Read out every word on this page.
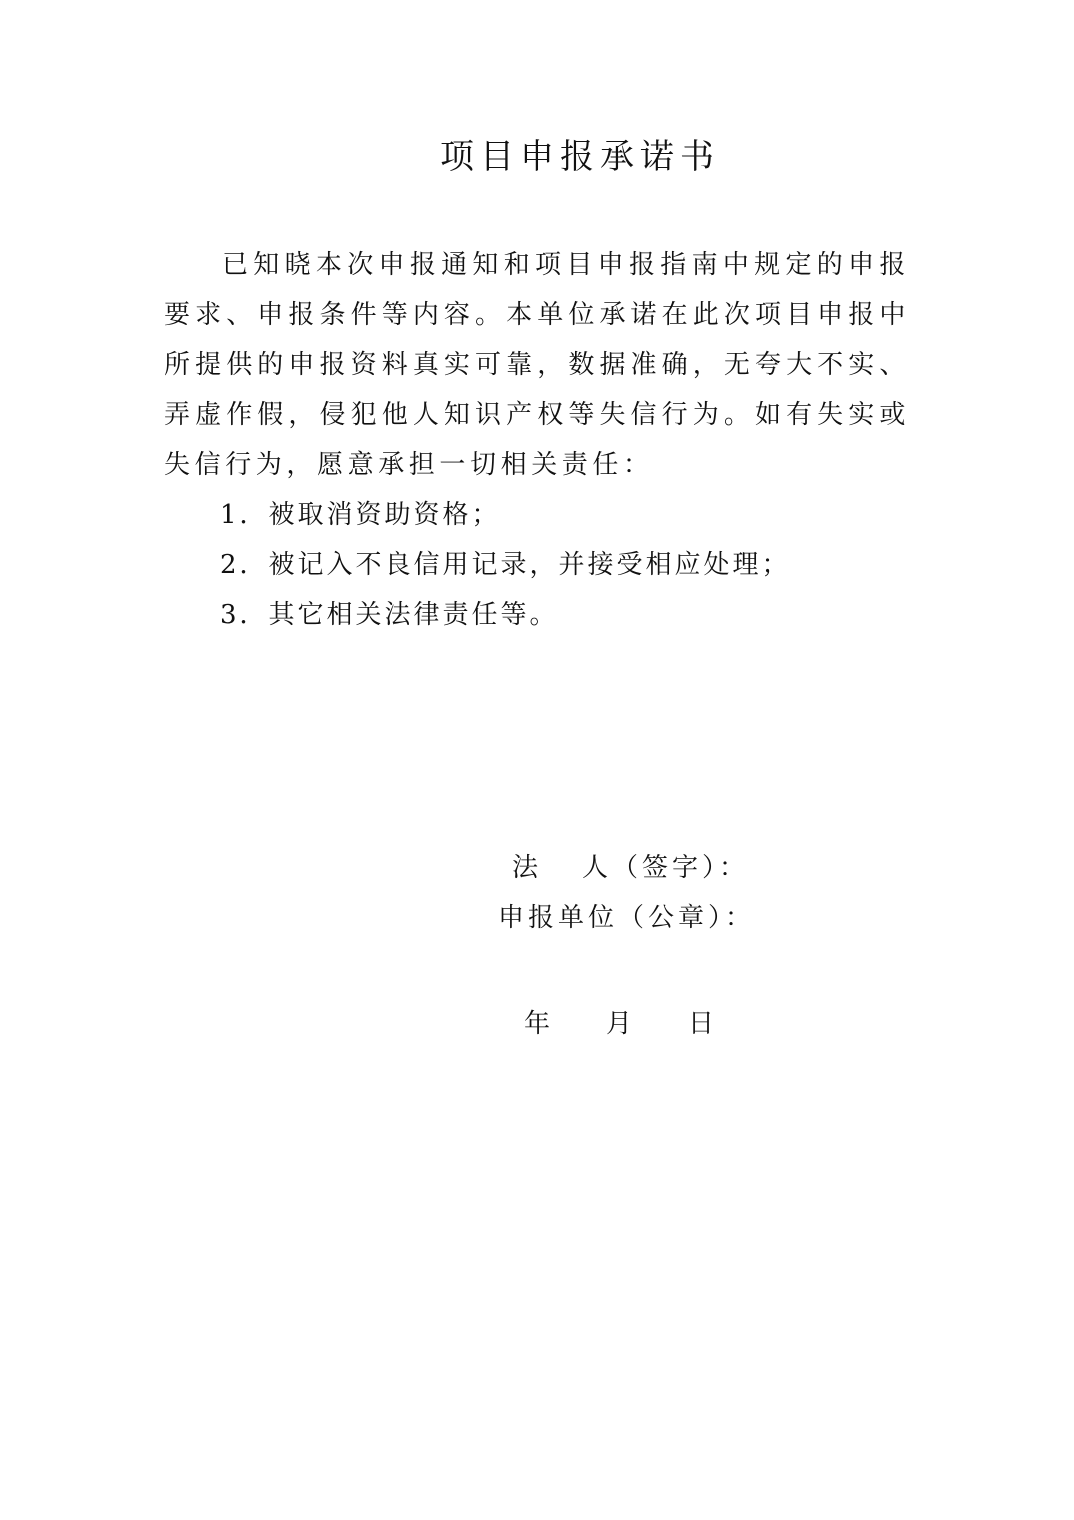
项目申报承诺书

已知晓本次申报通知和项目申报指南中规定的申报要求、申报条件等内容。本单位承诺在此次项目申报中所提供的申报资料真实可靠，数据准确，无夸大不实、弄虚作假，侵犯他人知识产权等失信行为。如有失实或失信行为，愿意承担一切相关责任：

1．被取消资助资格；
2．被记入不良信用记录，并接受相应处理；
3．其它相关法律责任等。
法 人（签字）：
申报单位（公章）：
年 月 日
